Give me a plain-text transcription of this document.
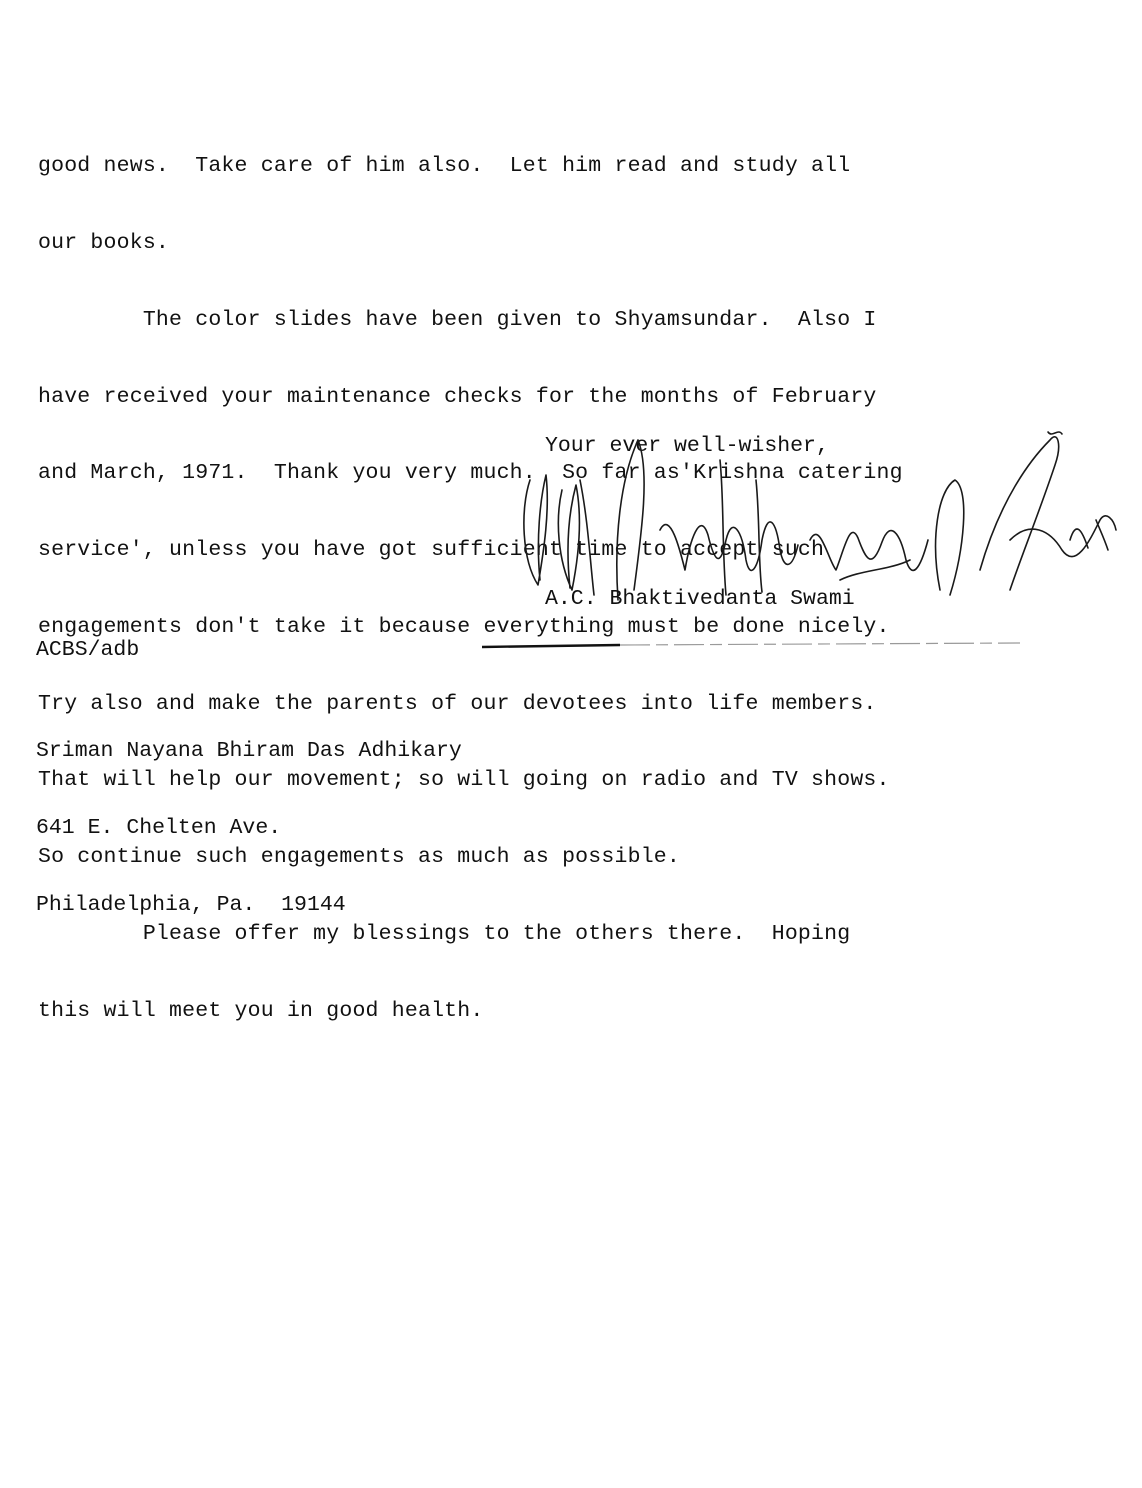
good news.  Take care of him also.  Let him read and study all

our books.

The color slides have been given to Shyamsundar.  Also I

have received your maintenance checks for the months of February

and March, 1971.  Thank you very much.  So far as'Krishna catering

service', unless you have got sufficient time to accept such

engagements don't take it because everything must be done nicely.

Try also and make the parents of our devotees into life members.

That will help our movement; so will going on radio and TV shows.

So continue such engagements as much as possible.

Please offer my blessings to the others there.  Hoping

this will meet you in good health.

Your ever well-wisher,
A.C. Bhaktivedanta Swami
ACBS/adb

Sriman Nayana Bhiram Das Adhikary

641 E. Chelten Ave.

Philadelphia, Pa.  19144
